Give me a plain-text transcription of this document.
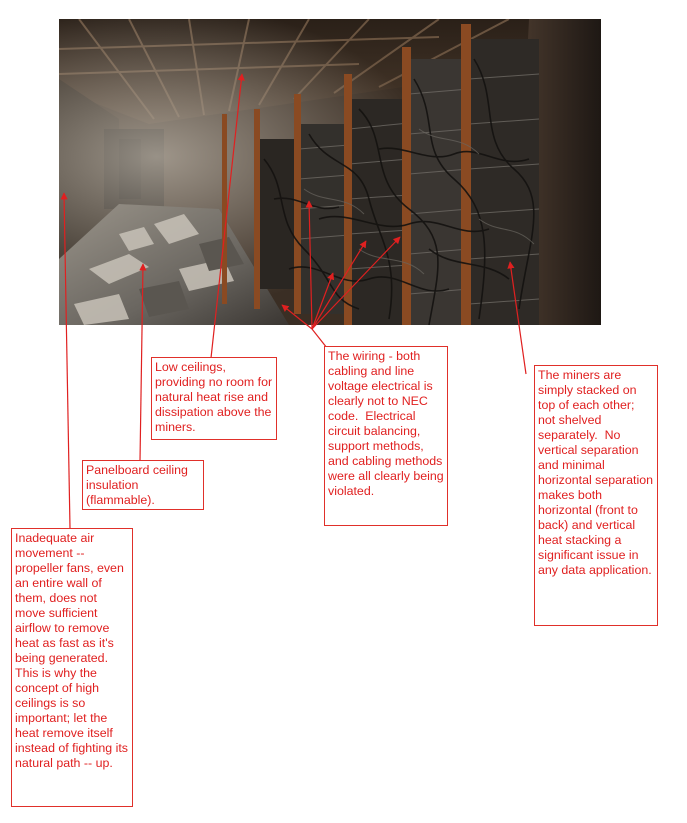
Low ceilings, providing no room for natural heat rise and dissipation above the miners.
Panelboard ceiling insulation (flammable).
Inadequate air movement -- propeller fans, even an entire wall of them, does not move sufficient airflow to remove heat as fast as it's being generated.  This is why the concept of high ceilings is so important; let the heat remove itself instead of fighting its natural path -- up.
The wiring - both cabling and line voltage electrical is clearly not to NEC code.  Electrical circuit balancing, support methods, and cabling methods were all clearly being violated.
The miners are simply stacked on top of each other; not shelved separately.  No vertical separation and minimal horizontal separation makes both horizontal (front to back) and vertical heat stacking a significant issue in any data application.
